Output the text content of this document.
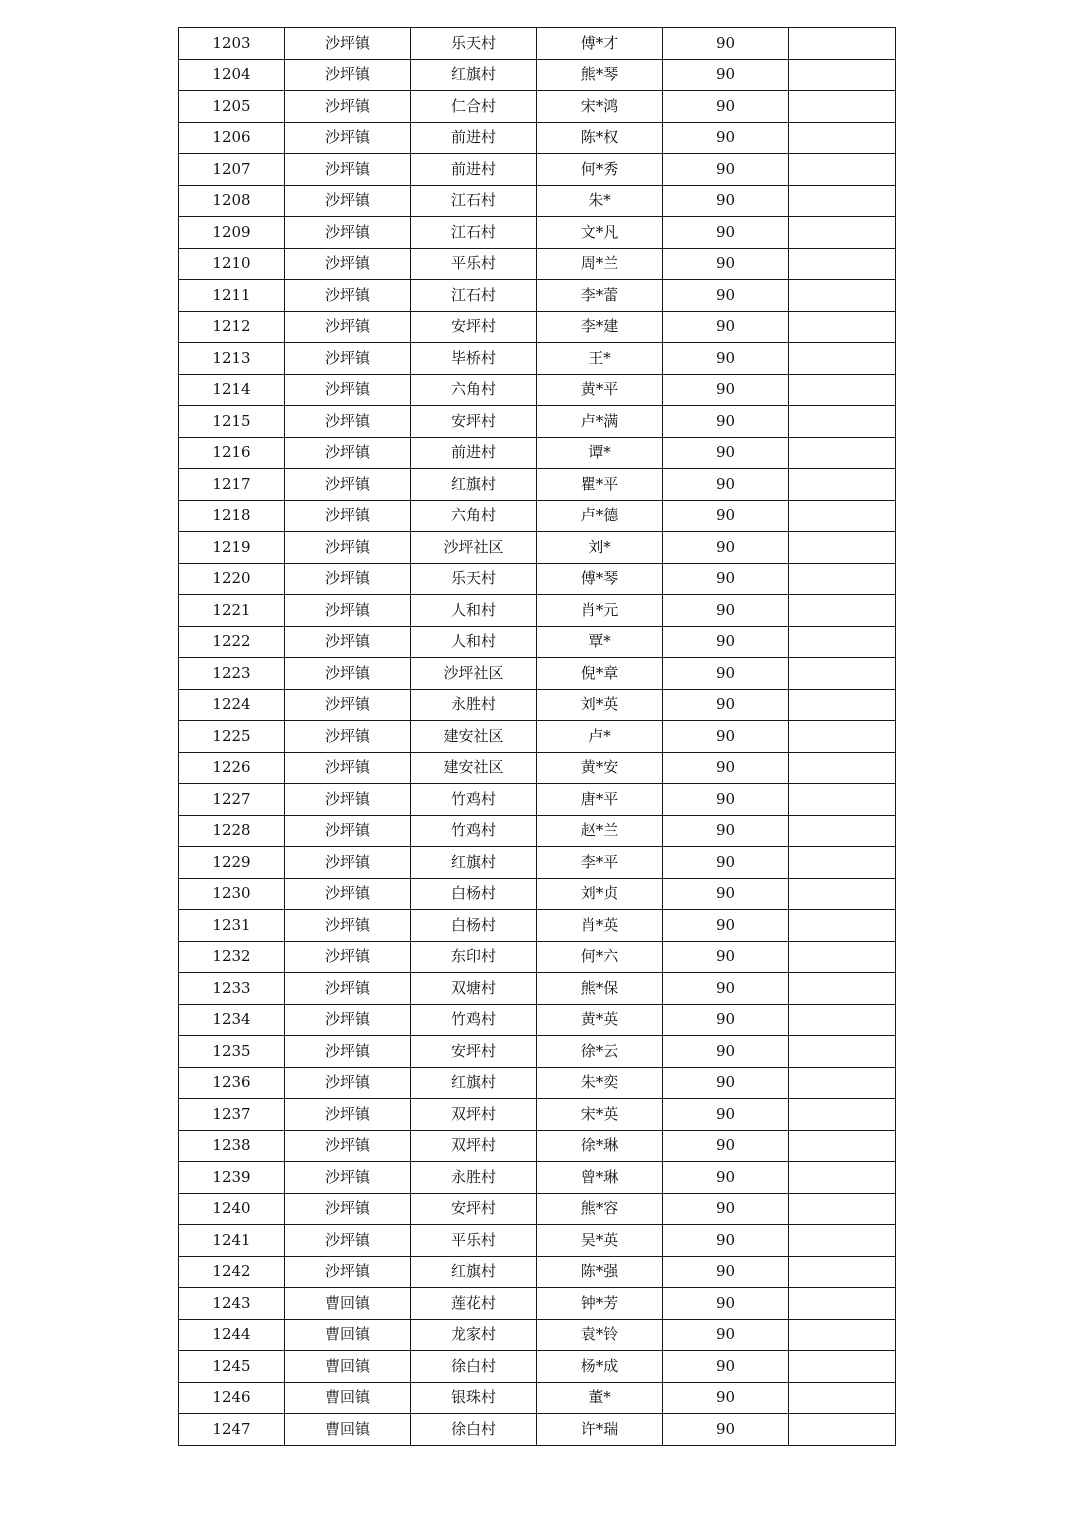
1203	沙坪镇	乐天村	傅*才	90	
1204	沙坪镇	红旗村	熊*琴	90	
1205	沙坪镇	仁合村	宋*鸿	90	
1206	沙坪镇	前进村	陈*权	90	
1207	沙坪镇	前进村	何*秀	90	
1208	沙坪镇	江石村	朱*	90	
1209	沙坪镇	江石村	文*凡	90	
1210	沙坪镇	平乐村	周*兰	90	
1211	沙坪镇	江石村	李*蕾	90	
1212	沙坪镇	安坪村	李*建	90	
1213	沙坪镇	毕桥村	王*	90	
1214	沙坪镇	六角村	黄*平	90	
1215	沙坪镇	安坪村	卢*满	90	
1216	沙坪镇	前进村	谭*	90	
1217	沙坪镇	红旗村	瞿*平	90	
1218	沙坪镇	六角村	卢*德	90	
1219	沙坪镇	沙坪社区	刘*	90	
1220	沙坪镇	乐天村	傅*琴	90	
1221	沙坪镇	人和村	肖*元	90	
1222	沙坪镇	人和村	覃*	90	
1223	沙坪镇	沙坪社区	倪*章	90	
1224	沙坪镇	永胜村	刘*英	90	
1225	沙坪镇	建安社区	卢*	90	
1226	沙坪镇	建安社区	黄*安	90	
1227	沙坪镇	竹鸡村	唐*平	90	
1228	沙坪镇	竹鸡村	赵*兰	90	
1229	沙坪镇	红旗村	李*平	90	
1230	沙坪镇	白杨村	刘*贞	90	
1231	沙坪镇	白杨村	肖*英	90	
1232	沙坪镇	东印村	何*六	90	
1233	沙坪镇	双塘村	熊*保	90	
1234	沙坪镇	竹鸡村	黄*英	90	
1235	沙坪镇	安坪村	徐*云	90	
1236	沙坪镇	红旗村	朱*奕	90	
1237	沙坪镇	双坪村	宋*英	90	
1238	沙坪镇	双坪村	徐*琳	90	
1239	沙坪镇	永胜村	曾*琳	90	
1240	沙坪镇	安坪村	熊*容	90	
1241	沙坪镇	平乐村	吴*英	90	
1242	沙坪镇	红旗村	陈*强	90	
1243	曹回镇	莲花村	钟*芳	90	
1244	曹回镇	龙家村	袁*铃	90	
1245	曹回镇	徐白村	杨*成	90	
1246	曹回镇	银珠村	董*	90	
1247	曹回镇	徐白村	许*瑞	90	
